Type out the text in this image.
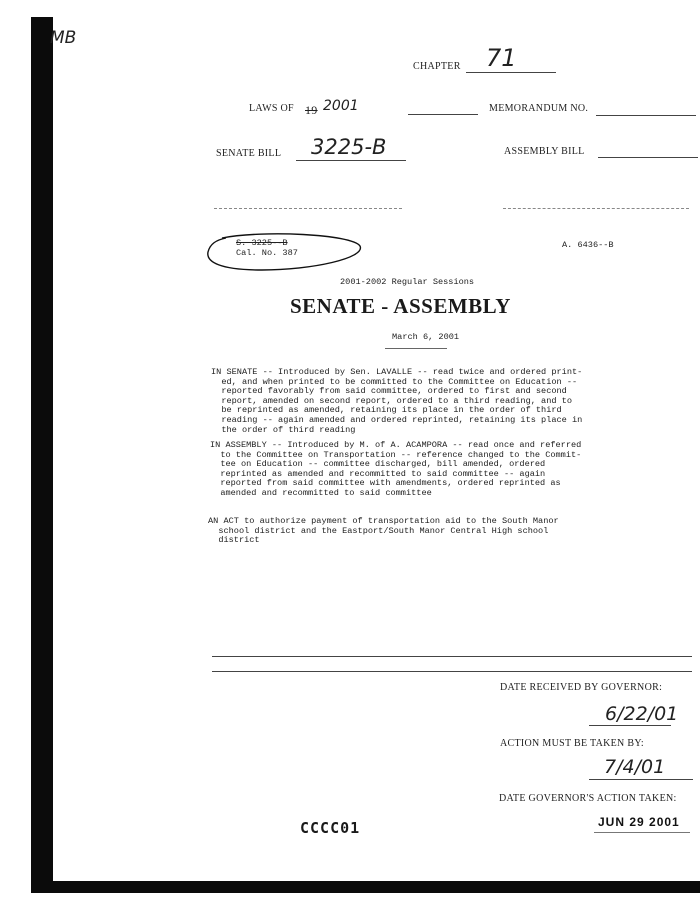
MB
CHAPTER 71
LAWS OF 19 2001	MEMORANDUM NO.
SENATE BILL 3225-B	ASSEMBLY BILL
S. 3225--B
Cal. No. 387
A. 6436--B
2001-2002 Regular Sessions
SENATE - ASSEMBLY
March 6, 2001
IN SENATE -- Introduced by Sen. LAVALLE -- read twice and ordered print-
ed, and when printed to be committed to the Committee on Education --
reported favorably from said committee, ordered to first and second
report, amended on second report, ordered to a third reading, and to
be reprinted as amended, retaining its place in the order of third
reading -- again amended and ordered reprinted, retaining its place in
the order of third reading
IN ASSEMBLY -- Introduced by M. of A. ACAMPORA -- read once and referred
to the Committee on Transportation -- reference changed to the Commit-
tee on Education -- committee discharged, bill amended, ordered
reprinted as amended and recommitted to said committee -- again
reported from said committee with amendments, ordered reprinted as
amended and recommitted to said committee
AN ACT to authorize payment of transportation aid to the South Manor
school district and the Eastport/South Manor Central High school
district
DATE RECEIVED BY GOVERNOR:
6/22/01
ACTION MUST BE TAKEN BY:
7/4/01
DATE GOVERNOR'S ACTION TAKEN:
JUN 29 2001
CCCC01
